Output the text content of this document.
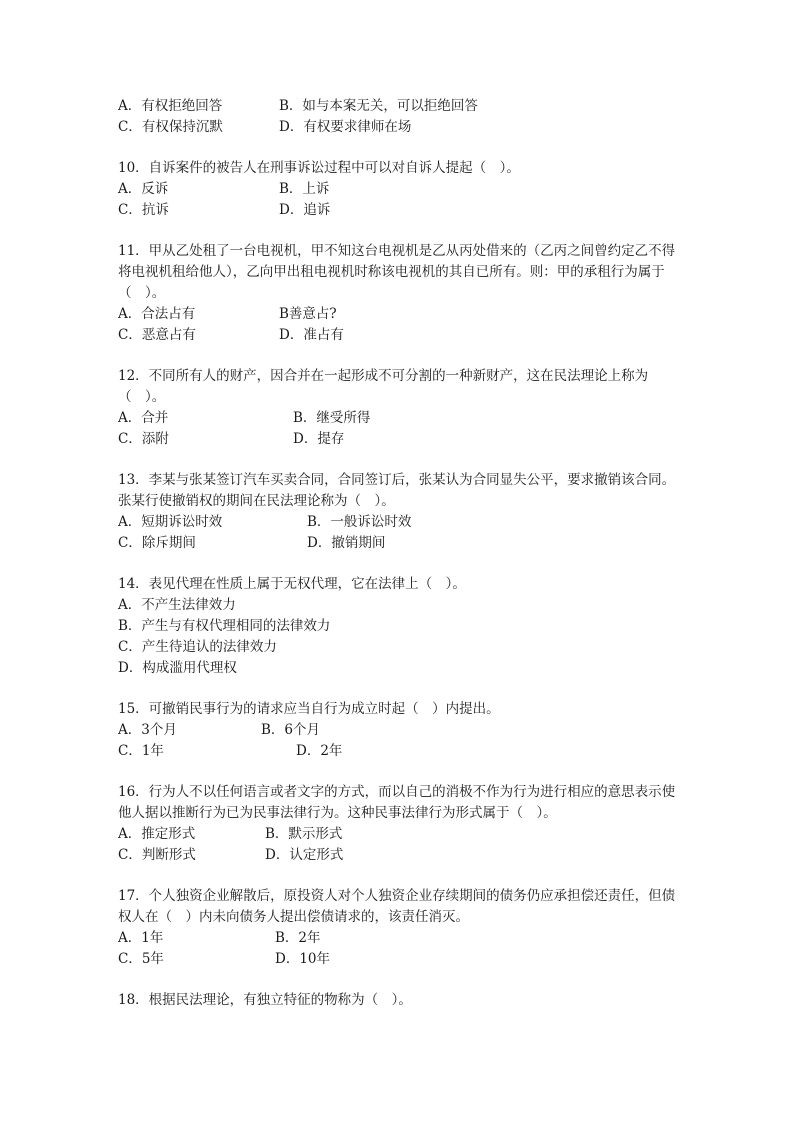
A．有权拒绝回答	B．如与本案无关，可以拒绝回答
C．有权保持沉默	D．有权要求律师在场

10．自诉案件的被告人在刑事诉讼过程中可以对自诉人提起（　）。

A．反诉	B．上诉
C．抗诉	D．追诉

11．甲从乙处租了一台电视机，甲不知这台电视机是乙从丙处借来的（乙丙之间曾约定乙不得将电视机租给他人），乙向甲出租电视机时称该电视机的其自已所有。则：甲的承租行为属于（　）。

A．合法占有	B善意占?
C．恶意占有	D．准占有

12．不同所有人的财产，因合并在一起形成不可分割的一种新财产，这在民法理论上称为（　）。

A．合并	B．继受所得
C．添附	D．提存

13．李某与张某签订汽车买卖合同，合同签订后，张某认为合同显失公平，要求撤销该合同。张某行使撤销权的期间在民法理论称为（　）。

A．短期诉讼时效	B．一般诉讼时效
C．除斥期间	D．撤销期间

14．表见代理在性质上属于无权代理，它在法律上（　）。

A．不产生法律效力
B．产生与有权代理相同的法律效力
C．产生待追认的法律效力
D．构成滥用代理权

15．可撤销民事行为的请求应当自行为成立时起（　）内提出。

A．3个月	B．6个月
C．1年	D．2年

16．行为人不以任何语言或者文字的方式，而以自己的消极不作为行为进行相应的意思表示使他人据以推断行为已为民事法律行为。这种民事法律行为形式属于（　）。

A．推定形式	B．默示形式
C．判断形式	D．认定形式

17．个人独资企业解散后，原投资人对个人独资企业存续期间的债务仍应承担偿还责任，但债权人在（　）内未向债务人提出偿债请求的，该责任消灭。

A．1年	B．2年
C．5年	D．10年

18．根据民法理论，有独立特征的物称为（　）。
